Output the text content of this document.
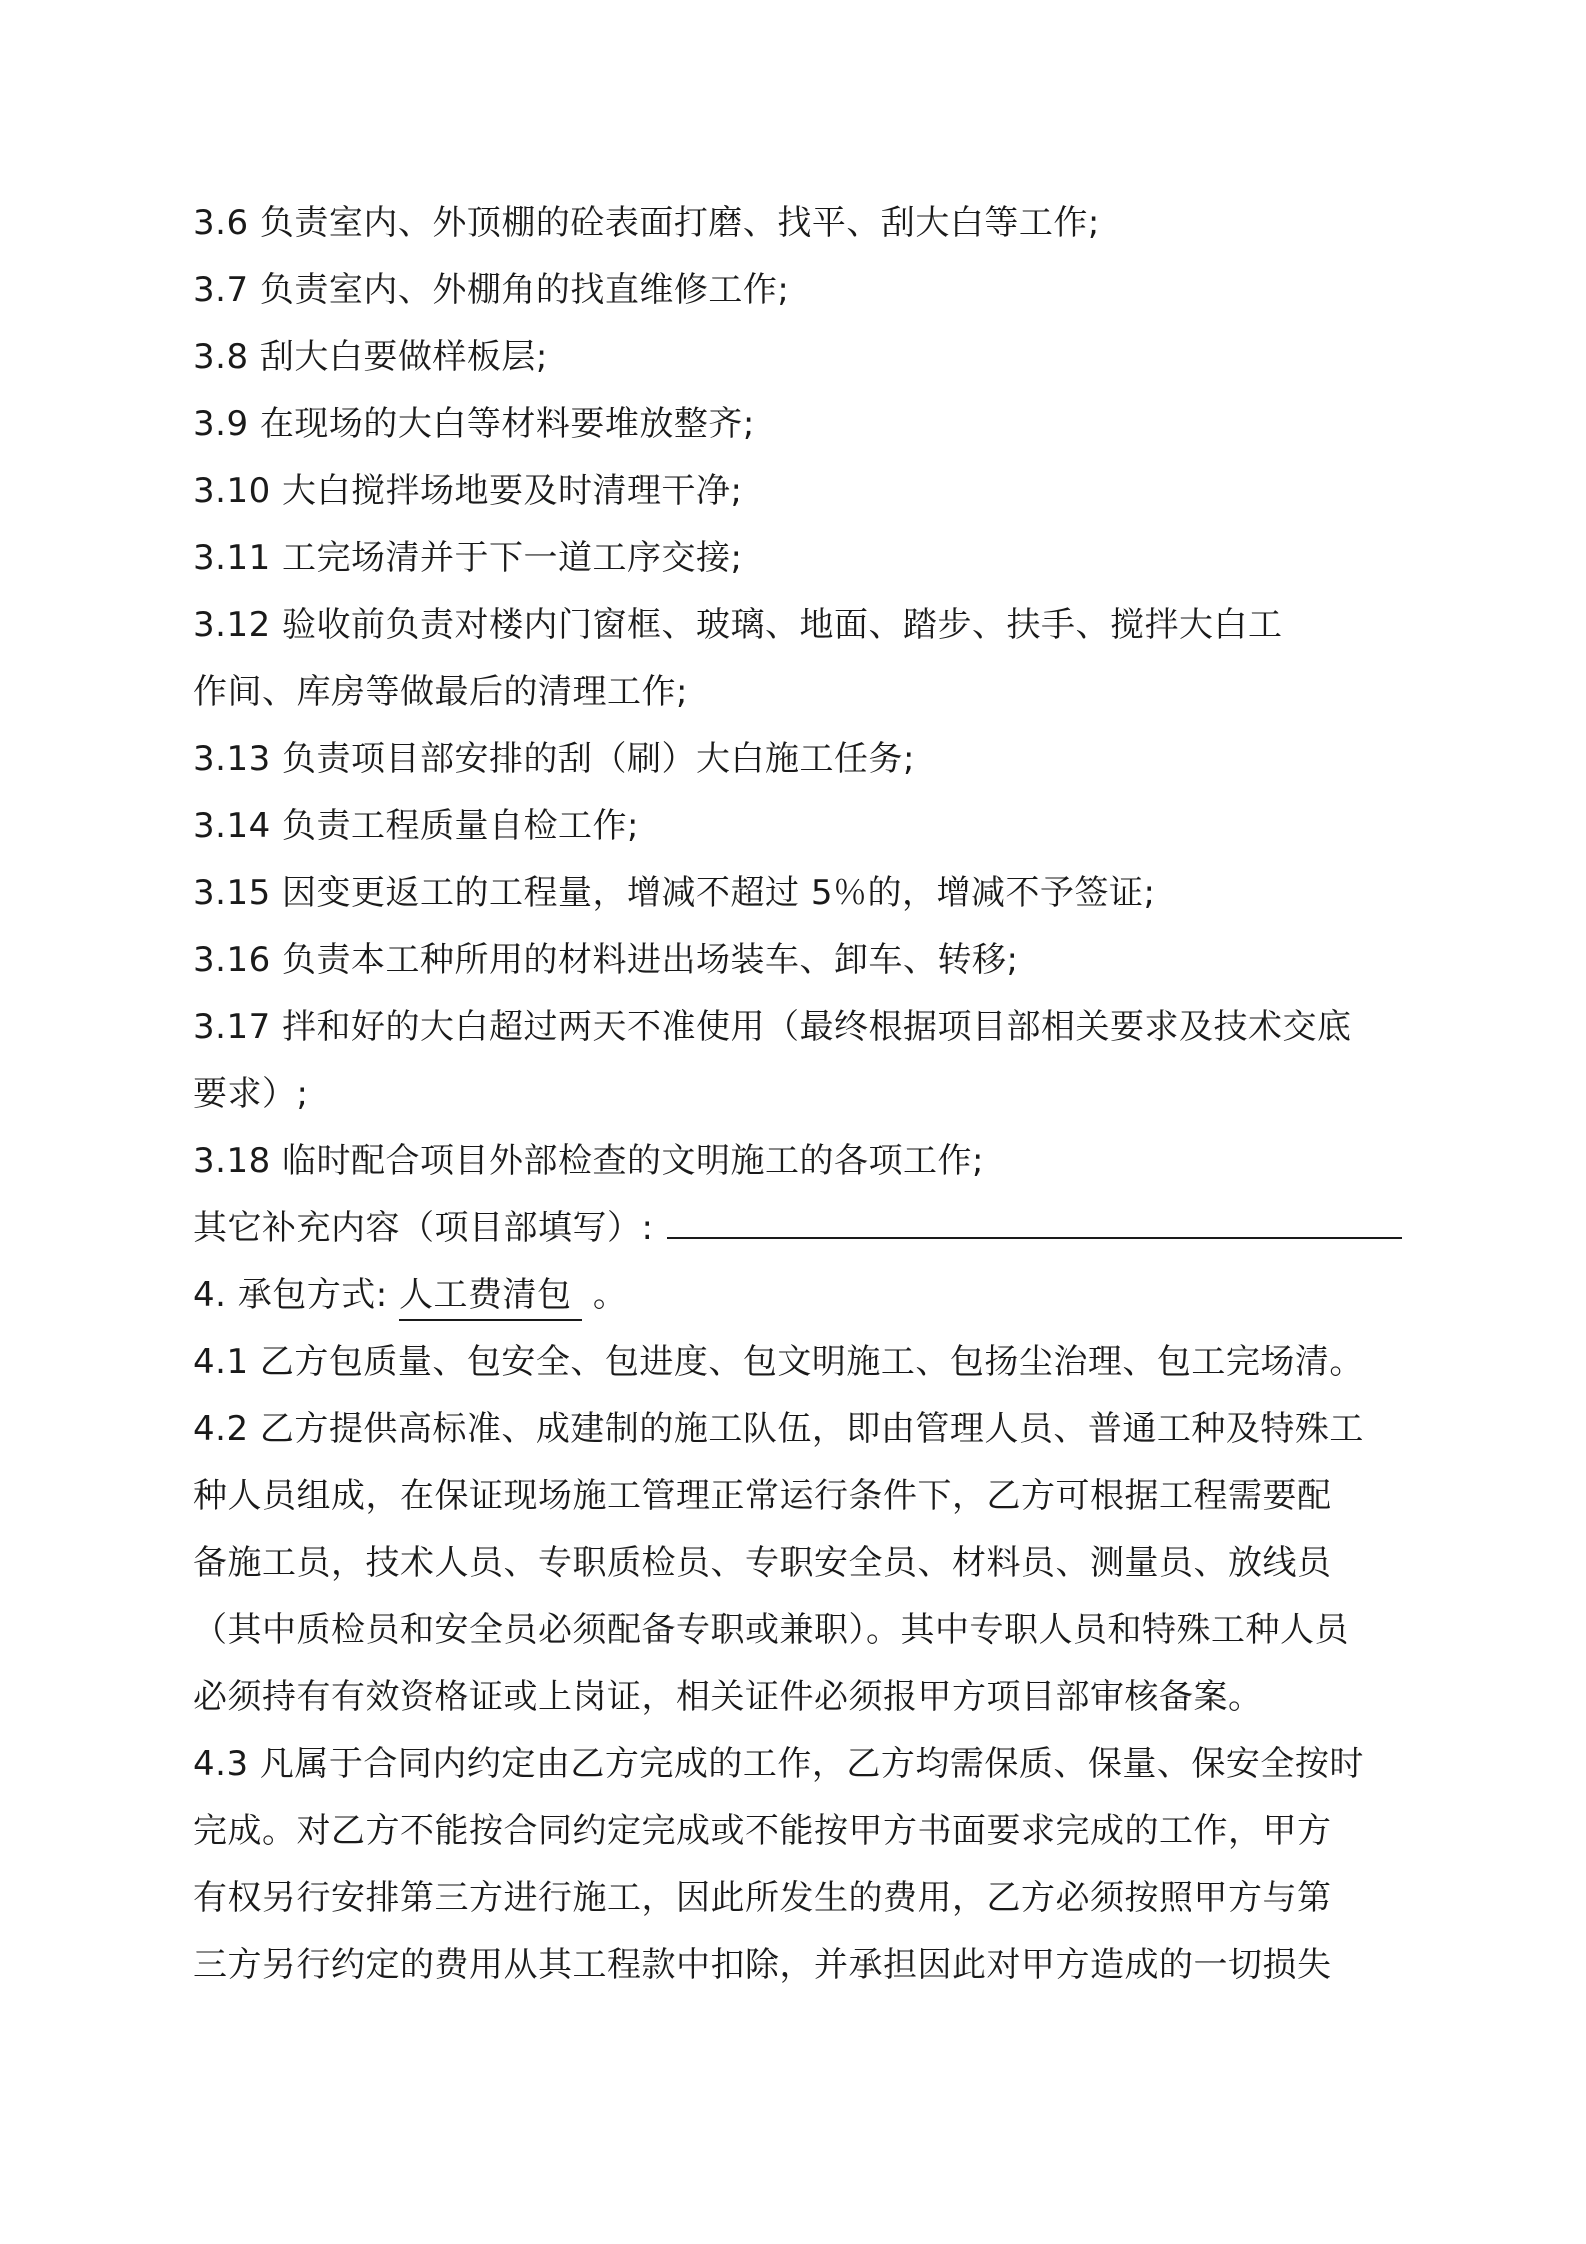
3.6 负责室内、外顶棚的砼表面打磨、找平、刮大白等工作;
3.7 负责室内、外棚角的找直维修工作;
3.8 刮大白要做样板层;
3.9 在现场的大白等材料要堆放整齐;
3.10 大白搅拌场地要及时清理干净;
3.11 工完场清并于下一道工序交接;
3.12 验收前负责对楼内门窗框、玻璃、地面、踏步、扶手、搅拌大白工
作间、库房等做最后的清理工作;
3.13 负责项目部安排的刮（刷）大白施工任务;
3.14 负责工程质量自检工作;
3.15 因变更返工的工程量，增减不超过 5％的，增减不予签证;
3.16 负责本工种所用的材料进出场装车、卸车、转移;
3.17 拌和好的大白超过两天不准使用（最终根据项目部相关要求及技术交底
要求）;
3.18 临时配合项目外部检查的文明施工的各项工作;
其它补充内容（项目部填写）:
4. 承包方式: 人工费清包 。
4.1 乙方包质量、包安全、包进度、包文明施工、包扬尘治理、包工完场清。
4.2 乙方提供高标准、成建制的施工队伍，即由管理人员、普通工种及特殊工
种人员组成，在保证现场施工管理正常运行条件下，乙方可根据工程需要配
备施工员，技术人员、专职质检员、专职安全员、材料员、测量员、放线员
（其中质检员和安全员必须配备专职或兼职）。其中专职人员和特殊工种人员
必须持有有效资格证或上岗证，相关证件必须报甲方项目部审核备案。
4.3 凡属于合同内约定由乙方完成的工作，乙方均需保质、保量、保安全按时
完成。对乙方不能按合同约定完成或不能按甲方书面要求完成的工作，甲方
有权另行安排第三方进行施工，因此所发生的费用，乙方必须按照甲方与第
三方另行约定的费用从其工程款中扣除，并承担因此对甲方造成的一切损失
